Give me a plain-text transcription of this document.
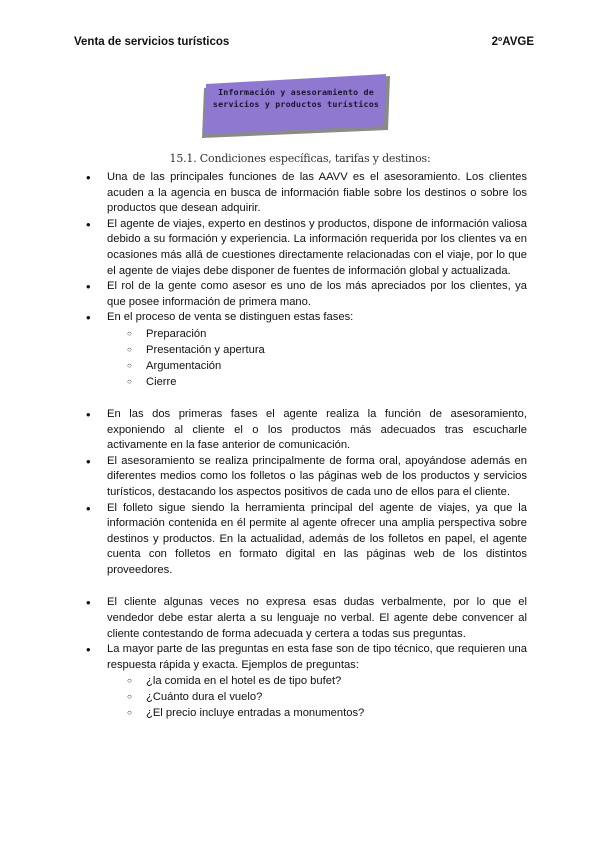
Venta de servicios turísticos	2ºAVGE
Información y asesoramiento de
servicios y productos turísticos
15.1. Condiciones específicas, tarifas y destinos:
• Una de las principales funciones de las AAVV es el asesoramiento. Los clientes acuden a la agencia en busca de información fiable sobre los destinos o sobre los productos que desean adquirir.
• El agente de viajes, experto en destinos y productos, dispone de información valiosa debido a su formación y experiencia. La información requerida por los clientes va en ocasiones más allá de cuestiones directamente relacionadas con el viaje, por lo que el agente de viajes debe disponer de fuentes de información global y actualizada.
• El rol de la gente como asesor es uno de los más apreciados por los clientes, ya que posee información de primera mano.
• En el proceso de venta se distinguen estas fases:
○ Preparación
○ Presentación y apertura
○ Argumentación
○ Cierre
• En las dos primeras fases el agente realiza la función de asesoramiento, exponiendo al cliente el o los productos más adecuados tras escucharle activamente en la fase anterior de comunicación.
• El asesoramiento se realiza principalmente de forma oral, apoyándose además en diferentes medios como los folletos o las páginas web de los productos y servicios turísticos, destacando los aspectos positivos de cada uno de ellos para el cliente.
• El folleto sigue siendo la herramienta principal del agente de viajes, ya que la información contenida en él permite al agente ofrecer una amplia perspectiva sobre destinos y productos. En la actualidad, además de los folletos en papel, el agente cuenta con folletos en formato digital en las páginas web de los distintos proveedores.
• El cliente algunas veces no expresa esas dudas verbalmente, por lo que el vendedor debe estar alerta a su lenguaje no verbal. El agente debe convencer al cliente contestando de forma adecuada y certera a todas sus preguntas.
• La mayor parte de las preguntas en esta fase son de tipo técnico, que requieren una respuesta rápida y exacta. Ejemplos de preguntas:
○ ¿la comida en el hotel es de tipo bufet?
○ ¿Cuánto dura el vuelo?
○ ¿El precio incluye entradas a monumentos?
